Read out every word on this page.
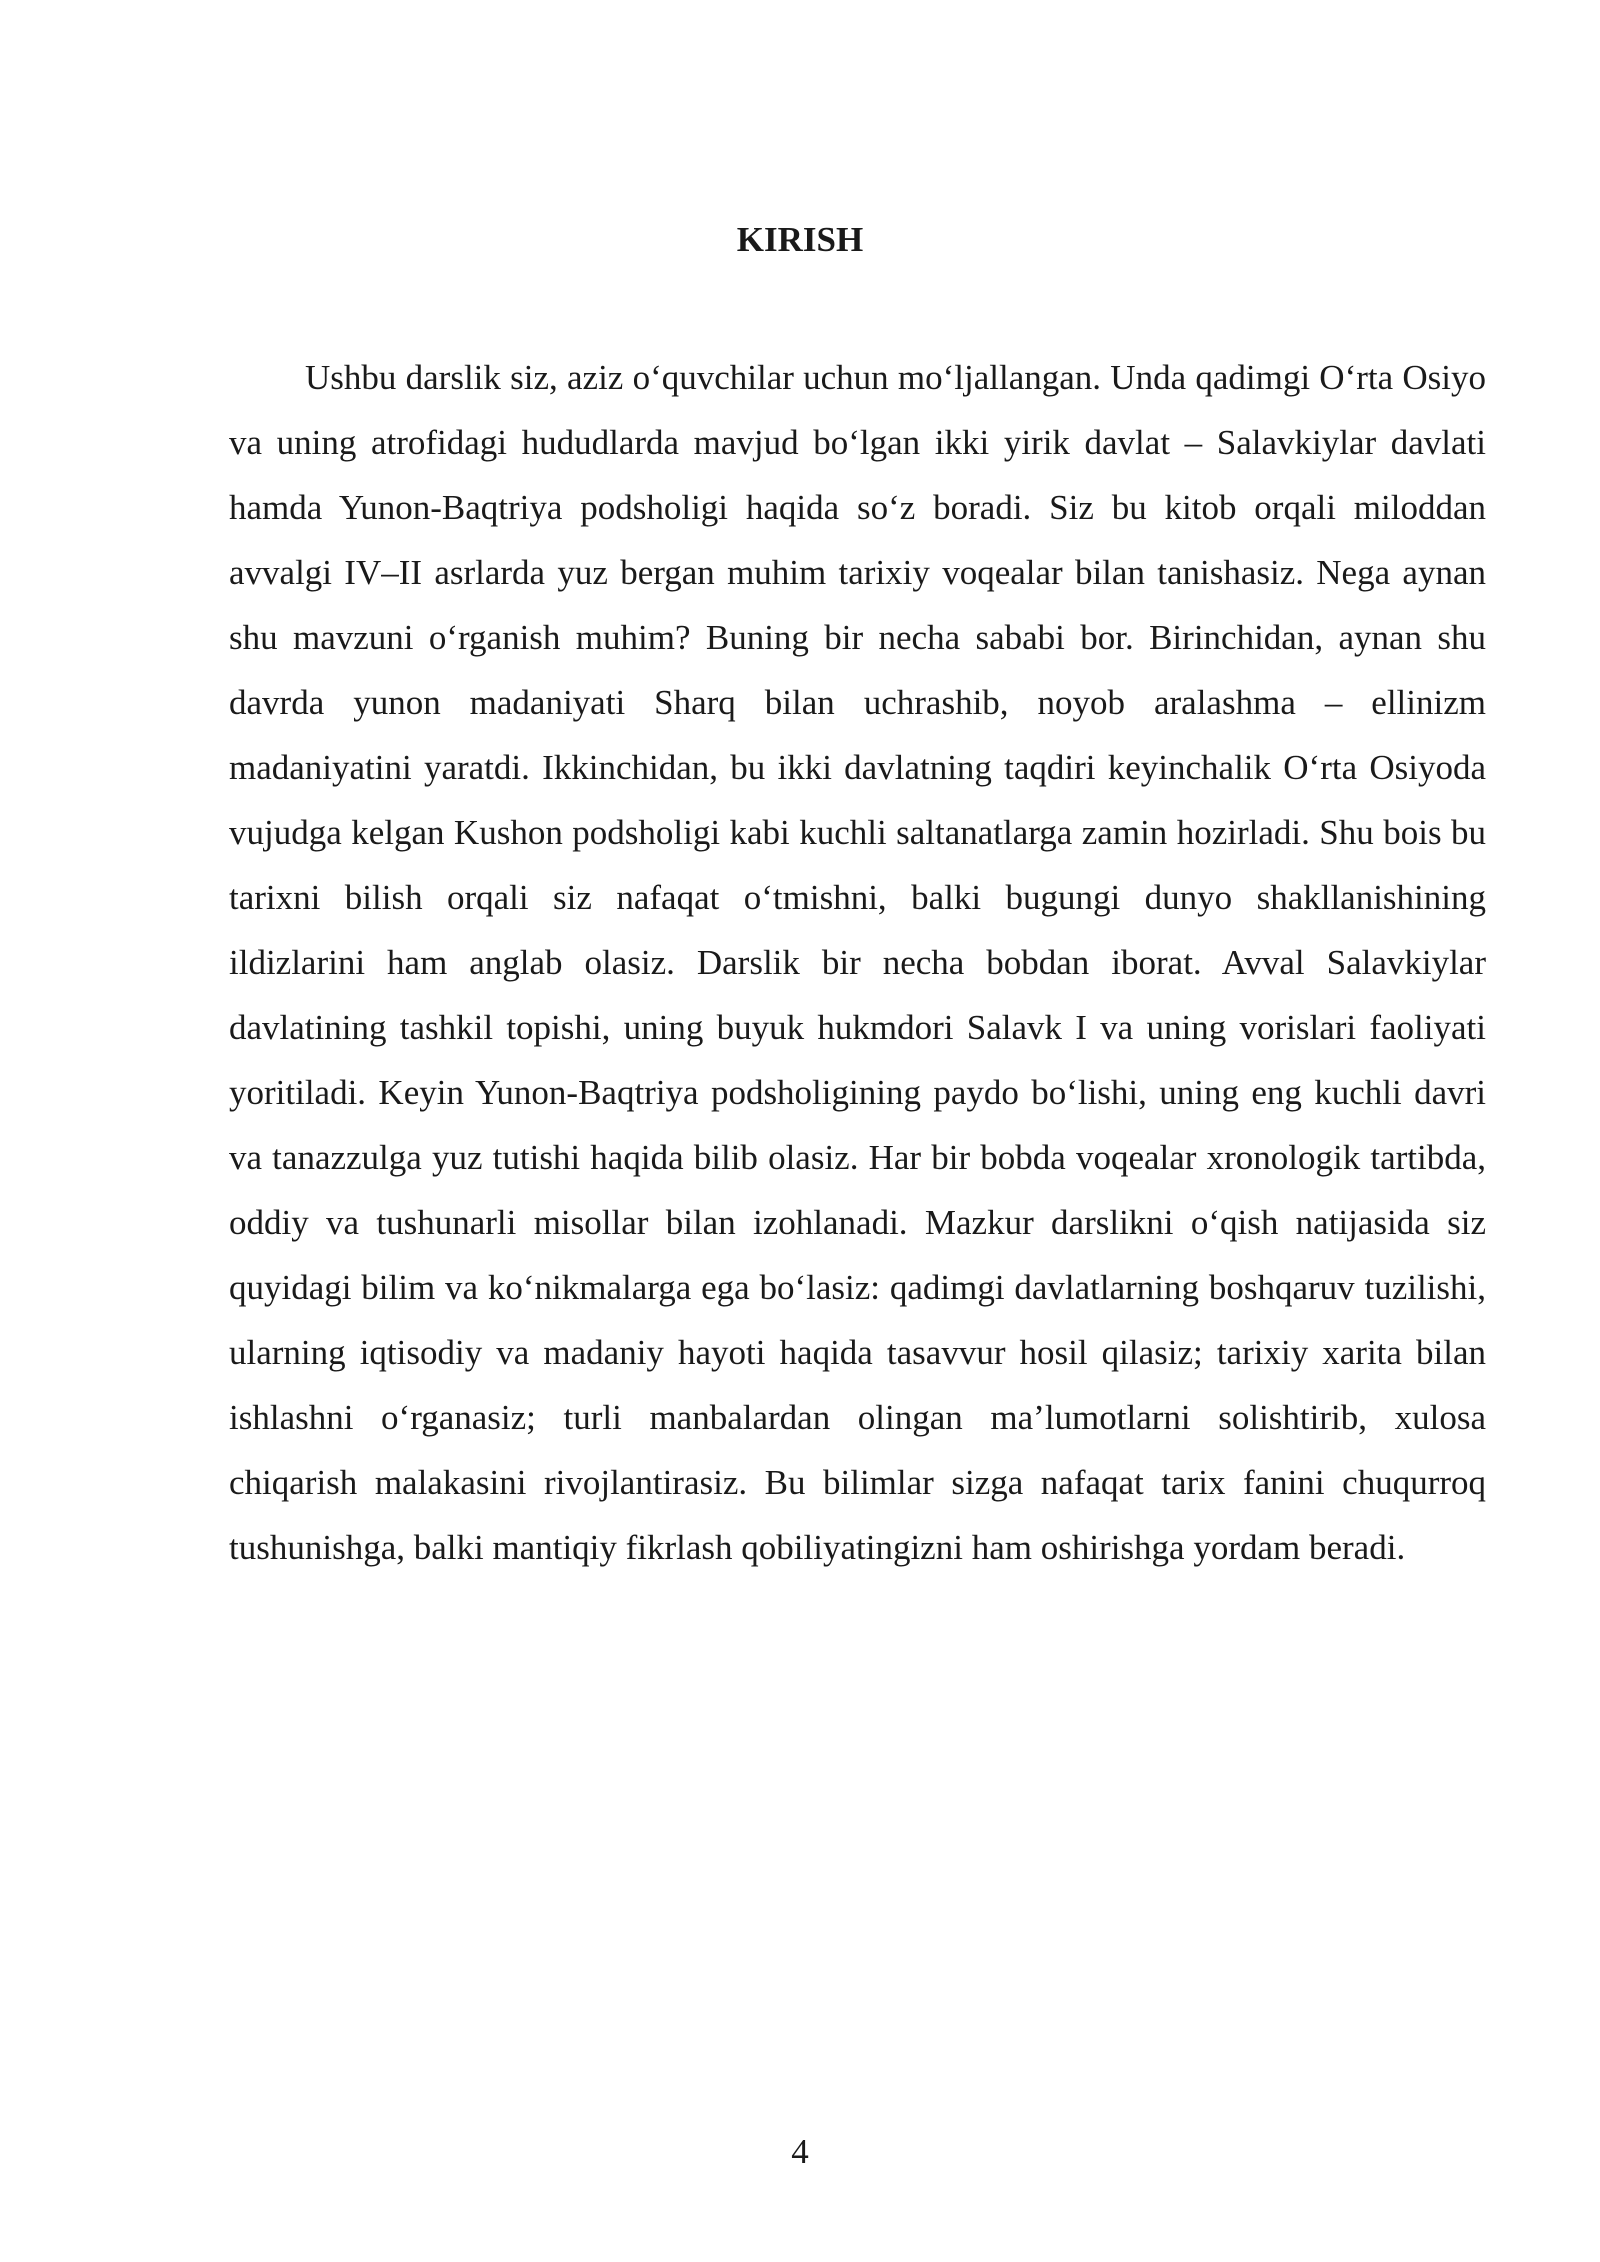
KIRISH

Ushbu darslik siz, aziz o‘quvchilar uchun mo‘ljallangan. Unda qadimgi O‘rta Osiyo va uning atrofidagi hududlarda mavjud bo‘lgan ikki yirik davlat – Salavkiylar davlati hamda Yunon-Baqtriya podsholigi haqida so‘z boradi. Siz bu kitob orqali miloddan avvalgi IV–II asrlarda yuz bergan muhim tarixiy voqealar bilan tanishasiz. Nega aynan shu mavzuni o‘rganish muhim? Buning bir necha sababi bor. Birinchidan, aynan shu davrda yunon madaniyati Sharq bilan uchrashib, noyob aralashma – ellinizm madaniyatini yaratdi. Ikkinchidan, bu ikki davlatning taqdiri keyinchalik O‘rta Osiyoda vujudga kelgan Kushon podsholigi kabi kuchli saltanatlarga zamin hozirladi. Shu bois bu tarixni bilish orqali siz nafaqat o‘tmishni, balki bugungi dunyo shakllanishining ildizlarini ham anglab olasiz. Darslik bir necha bobdan iborat. Avval Salavkiylar davlatining tashkil topishi, uning buyuk hukmdori Salavk I va uning vorislari faoliyati yoritiladi. Keyin Yunon-Baqtriya podsholigining paydo bo‘lishi, uning eng kuchli davri va tanazzulga yuz tutishi haqida bilib olasiz. Har bir bobda voqealar xronologik tartibda, oddiy va tushunarli misollar bilan izohlanadi. Mazkur darslikni o‘qish natijasida siz quyidagi bilim va ko‘nikmalarga ega bo‘lasiz: qadimgi davlatlarning boshqaruv tuzilishi, ularning iqtisodiy va madaniy hayoti haqida tasavvur hosil qilasiz; tarixiy xarita bilan ishlashni o‘rganasiz; turli manbalardan olingan ma’lumotlarni solishtirib, xulosa chiqarish malakasini rivojlantirasiz. Bu bilimlar sizga nafaqat tarix fanini chuqurroq tushunishga, balki mantiqiy fikrlash qobiliyatingizni ham oshirishga yordam beradi.

4
